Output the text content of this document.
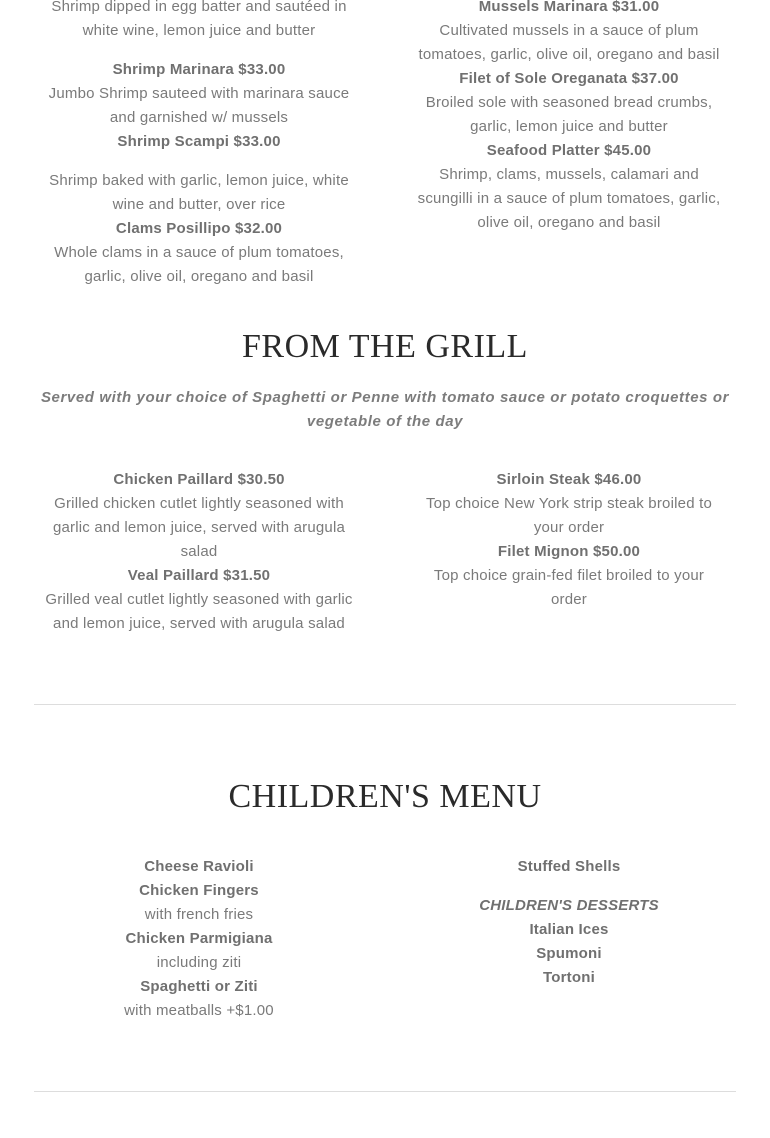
Shrimp dipped in egg batter and sautéed in
white wine, lemon juice and butter
Shrimp Marinara $33.00
Jumbo Shrimp sauteed with marinara sauce
and garnished w/ mussels
Shrimp Scampi $33.00
Shrimp baked with garlic, lemon juice, white
wine and butter, over rice
Clams Posillipo $32.00
Whole clams in a sauce of plum tomatoes,
garlic, olive oil, oregano and basil
Mussels Marinara $31.00
Cultivated mussels in a sauce of plum
tomatoes, garlic, olive oil, oregano and basil
Filet of Sole Oreganata $37.00
Broiled sole with seasoned bread crumbs,
garlic, lemon juice and butter
Seafood Platter $45.00
Shrimp, clams, mussels, calamari and
scungilli in a sauce of plum tomatoes, garlic,
olive oil, oregano and basil
FROM THE GRILL
Served with your choice of Spaghetti or Penne with tomato sauce or potato croquettes or
vegetable of the day
Chicken Paillard $30.50
Grilled chicken cutlet lightly seasoned with
garlic and lemon juice, served with arugula
salad
Veal Paillard $31.50
Grilled veal cutlet lightly seasoned with garlic
and lemon juice, served with arugula salad
Sirloin Steak $46.00
Top choice New York strip steak broiled to
your order
Filet Mignon $50.00
Top choice grain-fed filet broiled to your
order
CHILDREN'S MENU
Cheese Ravioli
Chicken Fingers
with french fries
Chicken Parmigiana
including ziti
Spaghetti or Ziti
with meatballs +$1.00
Stuffed Shells
CHILDREN'S DESSERTS
Italian Ices
Spumoni
Tortoni
